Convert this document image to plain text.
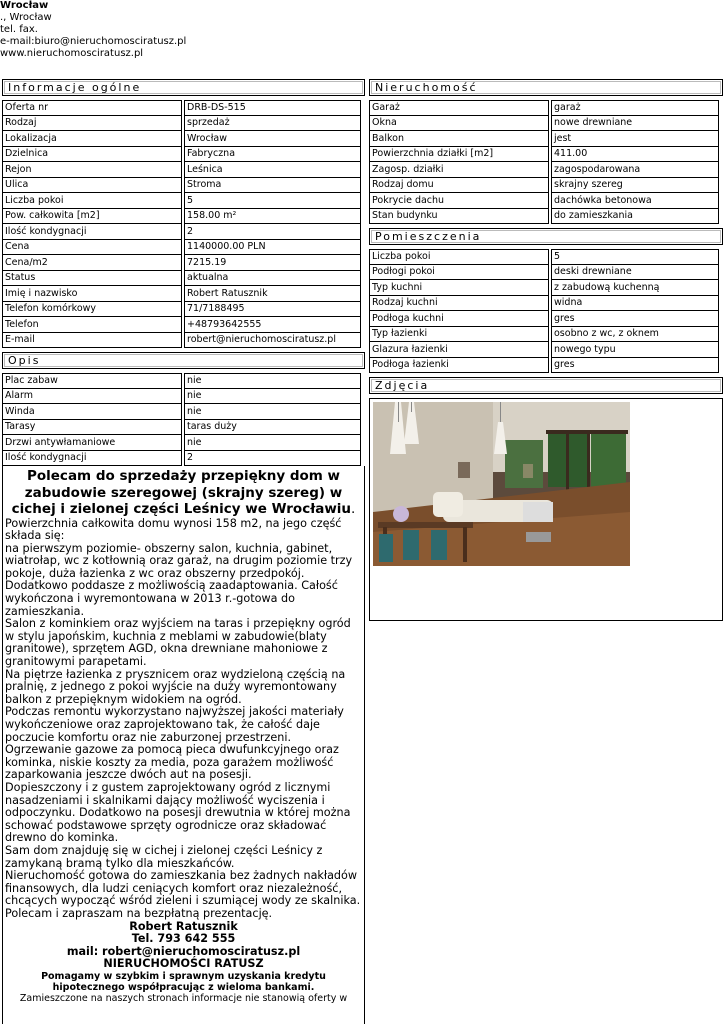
Wrocław
., Wrocław
tel. fax.
e-mail:biuro@nieruchomosciratusz.pl
www.nieruchomosciratusz.pl
Informacje ogólne
Oferta nr	DRB-DS-515
Rodzaj	sprzedaż
Lokalizacja	Wrocław
Dzielnica	Fabryczna
Rejon	Leśnica
Ulica	Stroma
Liczba pokoi	5
Pow. całkowita [m2]	158.00 m²
Ilość kondygnacji	2
Cena	1140000.00 PLN
Cena/m2	7215.19
Status	aktualna
Imię i nazwisko	Robert Ratusznik
Telefon komórkowy	71/7188495
Telefon	+48793642555
E-mail	robert@nieruchomosciratusz.pl
Opis
Plac zabaw	nie
Alarm	nie
Winda	nie
Tarasy	taras duży
Drzwi antywłamaniowe	nie
Ilość kondygnacji	2
Polecam do sprzedaży przepiękny dom w zabudowie szeregowej (skrajny szereg) w cichej i zielonej części Leśnicy we Wrocławiu.
Powierzchnia całkowita domu wynosi 158 m2, na jego część składa się:
na pierwszym poziomie- obszerny salon, kuchnia, gabinet, wiatrołap, wc z kotłownią oraz garaż, na drugim poziomie trzy pokoje, duża łazienka z wc oraz obszerny przedpokój.
Dodatkowo poddasze z możliwością zaadaptowania. Całość wykończona i wyremontowana w 2013 r.-gotowa do zamieszkania.
Salon z kominkiem oraz wyjściem na taras i przepiękny ogród w stylu japońskim, kuchnia z meblami w zabudowie(blaty granitowe), sprzętem AGD, okna drewniane mahoniowe z granitowymi parapetami.
Na piętrze łazienka z prysznicem oraz wydzieloną częścią na pralnię, z jednego z pokoi wyjście na duży wyremontowany balkon z przepięknym widokiem na ogród.
Podczas remontu wykorzystano najwyższej jakości materiały wykończeniowe oraz zaprojektowano tak, że całość daje poczucie komfortu oraz nie zaburzonej przestrzeni.
Ogrzewanie gazowe za pomocą pieca dwufunkcyjnego oraz kominka, niskie koszty za media, poza garażem możliwość zaparkowania jeszcze dwóch aut na posesji.
Dopieszczony i z gustem zaprojektowany ogród z licznymi nasadzeniami i skalnikami dający możliwość wyciszenia i odpoczynku. Dodatkowo na posesji drewutnia w której można schować podstawowe sprzęty ogrodnicze oraz składować drewno do kominka.
Sam dom znajduję się w cichej i zielonej części Leśnicy z zamykaną bramą tylko dla mieszkańców.
Nieruchomość gotowa do zamieszkania bez żadnych nakładów finansowych, dla ludzi ceniących komfort oraz niezależność, chcących wypocząć wśród zieleni i szumiącej wody ze skalnika.
Polecam i zapraszam na bezpłatną prezentację.
Robert Ratusznik
Tel. 793 642 555
mail: robert@nieruchomosciratusz.pl
NIERUCHOMOŚCI RATUSZ
Pomagamy w szybkim i sprawnym uzyskania kredytu hipotecznego współpracując z wieloma bankami.
Zamieszczone na naszych stronach informacje nie stanowią oferty w
Nieruchomość
Garaż	garaż
Okna	nowe drewniane
Balkon	jest
Powierzchnia działki [m2]	411.00
Zagosp. działki	zagospodarowana
Rodzaj domu	skrajny szereg
Pokrycie dachu	dachówka betonowa
Stan budynku	do zamieszkania
Pomieszczenia
Liczba pokoi	5
Podłogi pokoi	deski drewniane
Typ kuchni	z zabudową kuchenną
Rodzaj kuchni	widna
Podłoga kuchni	gres
Typ łazienki	osobno z wc, z oknem
Glazura łazienki	nowego typu
Podłoga łazienki	gres
Zdjęcia
